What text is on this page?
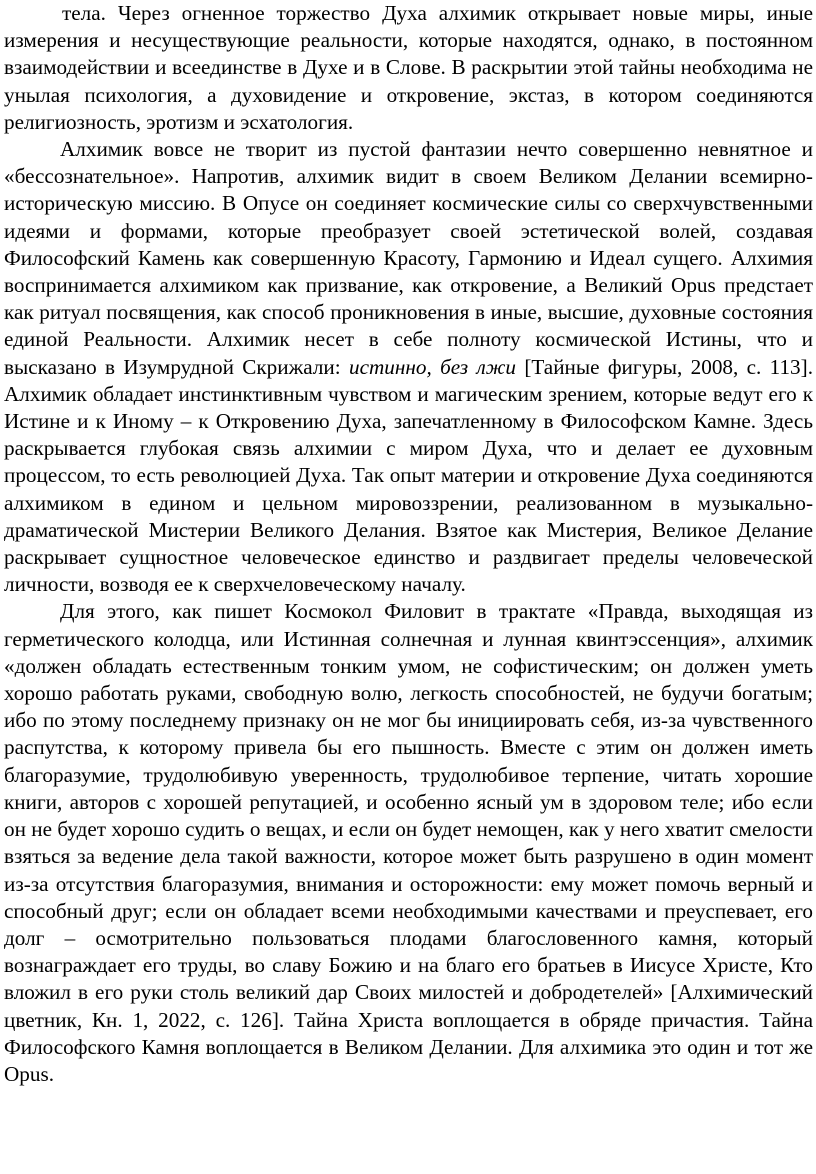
тела. Через огненное торжество Духа алхимик открывает новые миры, иные измерения и несуществующие реальности, которые находятся, однако, в постоянном взаимодействии и всеединстве в Духе и в Слове. В раскрытии этой тайны необходима не унылая психология, а духовидение и откровение, экстаз, в котором соединяются религиозность, эротизм и эсхатология.

Алхимик вовсе не творит из пустой фантазии нечто совершенно невнятное и «бессознательное». Напротив, алхимик видит в своем Великом Делании всемирно-историческую миссию. В Опусе он соединяет космические силы со сверхчувственными идеями и формами, которые преобразует своей эстетической волей, создавая Философский Камень как совершенную Красоту, Гармонию и Идеал сущего. Алхимия воспринимается алхимиком как призвание, как откровение, а Великий Opus предстает как ритуал посвящения, как способ проникновения в иные, высшие, духовные состояния единой Реальности. Алхимик несет в себе полноту космической Истины, что и высказано в Изумрудной Скрижали: истинно, без лжи [Тайные фигуры, 2008, с. 113]. Алхимик обладает инстинктивным чувством и магическим зрением, которые ведут его к Истине и к Иному – к Откровению Духа, запечатленному в Философском Камне. Здесь раскрывается глубокая связь алхимии с миром Духа, что и делает ее духовным процессом, то есть революцией Духа. Так опыт материи и откровение Духа соединяются алхимиком в едином и цельном мировоззрении, реализованном в музыкально-драматической Мистерии Великого Делания. Взятое как Мистерия, Великое Делание раскрывает сущностное человеческое единство и раздвигает пределы человеческой личности, возводя ее к сверхчеловеческому началу.

Для этого, как пишет Космокол Филовит в трактате «Правда, выходящая из герметического колодца, или Истинная солнечная и лунная квинтэссенция», алхимик «должен обладать естественным тонким умом, не софистическим; он должен уметь хорошо работать руками, свободную волю, легкость способностей, не будучи богатым; ибо по этому последнему признаку он не мог бы инициировать себя, из-за чувственного распутства, к которому привела бы его пышность. Вместе с этим он должен иметь благоразумие, трудолюбивую уверенность, трудолюбивое терпение, читать хорошие книги, авторов с хорошей репутацией, и особенно ясный ум в здоровом теле; ибо если он не будет хорошо судить о вещах, и если он будет немощен, как у него хватит смелости взяться за ведение дела такой важности, которое может быть разрушено в один момент из-за отсутствия благоразумия, внимания и осторожности: ему может помочь верный и способный друг; если он обладает всеми необходимыми качествами и преуспевает, его долг – осмотрительно пользоваться плодами благословенного камня, который вознаграждает его труды, во славу Божию и на благо его братьев в Иисусе Христе, Кто вложил в его руки столь великий дар Своих милостей и добродетелей» [Алхимический цветник, Кн. 1, 2022, с. 126]. Тайна Христа воплощается в обряде причастия. Тайна Философского Камня воплощается в Великом Делании. Для алхимика это один и тот же Opus.
